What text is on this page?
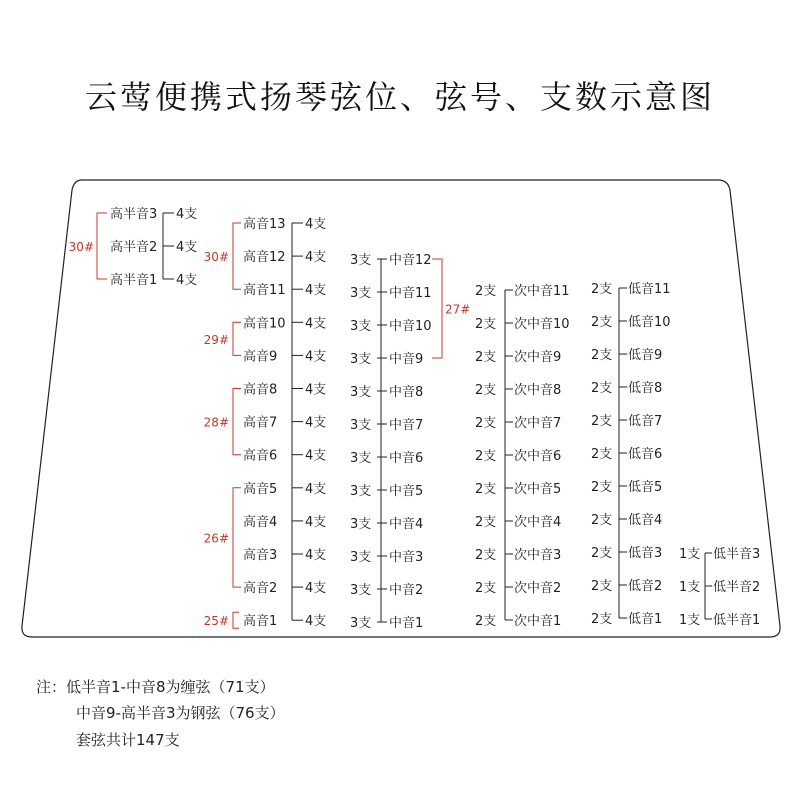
云莺便携式扬琴弦位、弦号、支数示意图
高半音3 4支
高半音2 4支
高半音1 4支
30#
高音13 4支
高音12 4支
高音11 4支
高音10 4支
高音9 4支
高音8 4支
高音7 4支
高音6 4支
高音5 4支
高音4 4支
高音3 4支
高音2 4支
高音1 4支
30#
29#
28#
26#
25#
3支 中音12
3支 中音11
3支 中音10
3支 中音9
3支 中音8
3支 中音7
3支 中音6
3支 中音5
3支 中音4
3支 中音3
3支 中音2
3支 中音1
27#
2支 次中音11
2支 次中音10
2支 次中音9
2支 次中音8
2支 次中音7
2支 次中音6
2支 次中音5
2支 次中音4
2支 次中音3
2支 次中音2
2支 次中音1
2支 低音11
2支 低音10
2支 低音9
2支 低音8
2支 低音7
2支 低音6
2支 低音5
2支 低音4
2支 低音3
2支 低音2
2支 低音1
1支 低半音3
1支 低半音2
1支 低半音1
注：低半音1-中音8为缠弦（71支）
中音9-高半音3为钢弦（76支）
套弦共计147支
